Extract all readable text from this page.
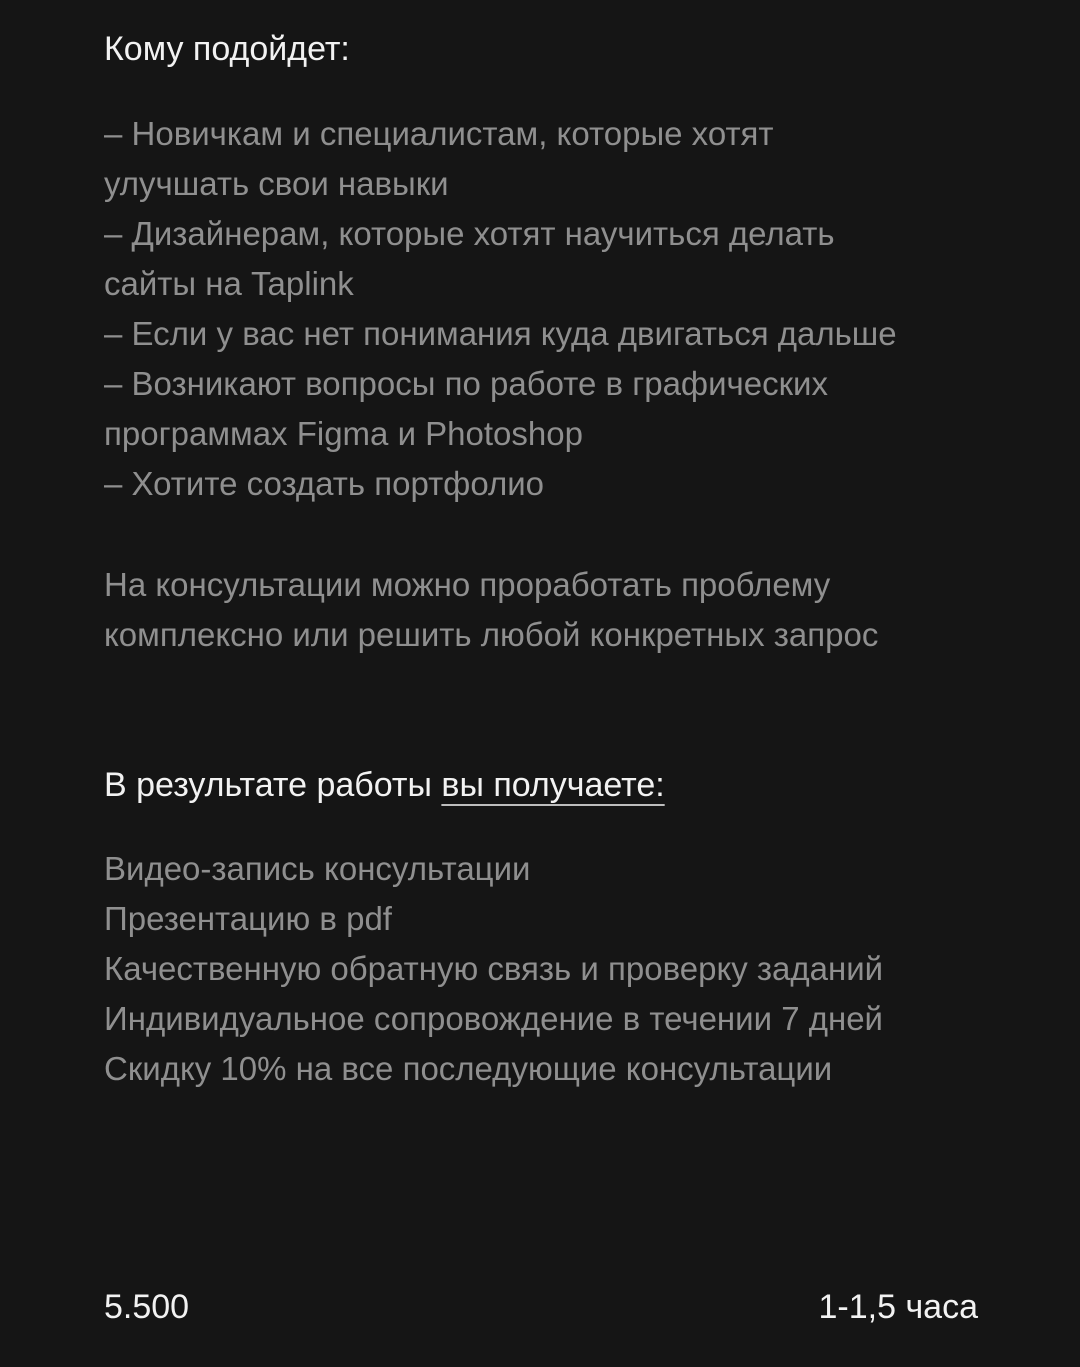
Кому подойдет:
– Новичкам и специалистам, которые хотят
улучшать свои навыки
– Дизайнерам, которые хотят научиться делать
сайты на Taplink
– Если у вас нет понимания куда двигаться дальше
– Возникают вопросы по работе в графических
программах Figma и Photoshop
– Хотите создать портфолио
На консультации можно проработать проблему
комплексно или решить любой конкретных запрос
В результате работы вы получаете:
Видео-запись консультации
Презентацию в pdf
Качественную обратную связь и проверку заданий
Индивидуальное сопровождение в течении 7 дней
Скидку 10% на все последующие консультации
5.500	1-1,5 часа
